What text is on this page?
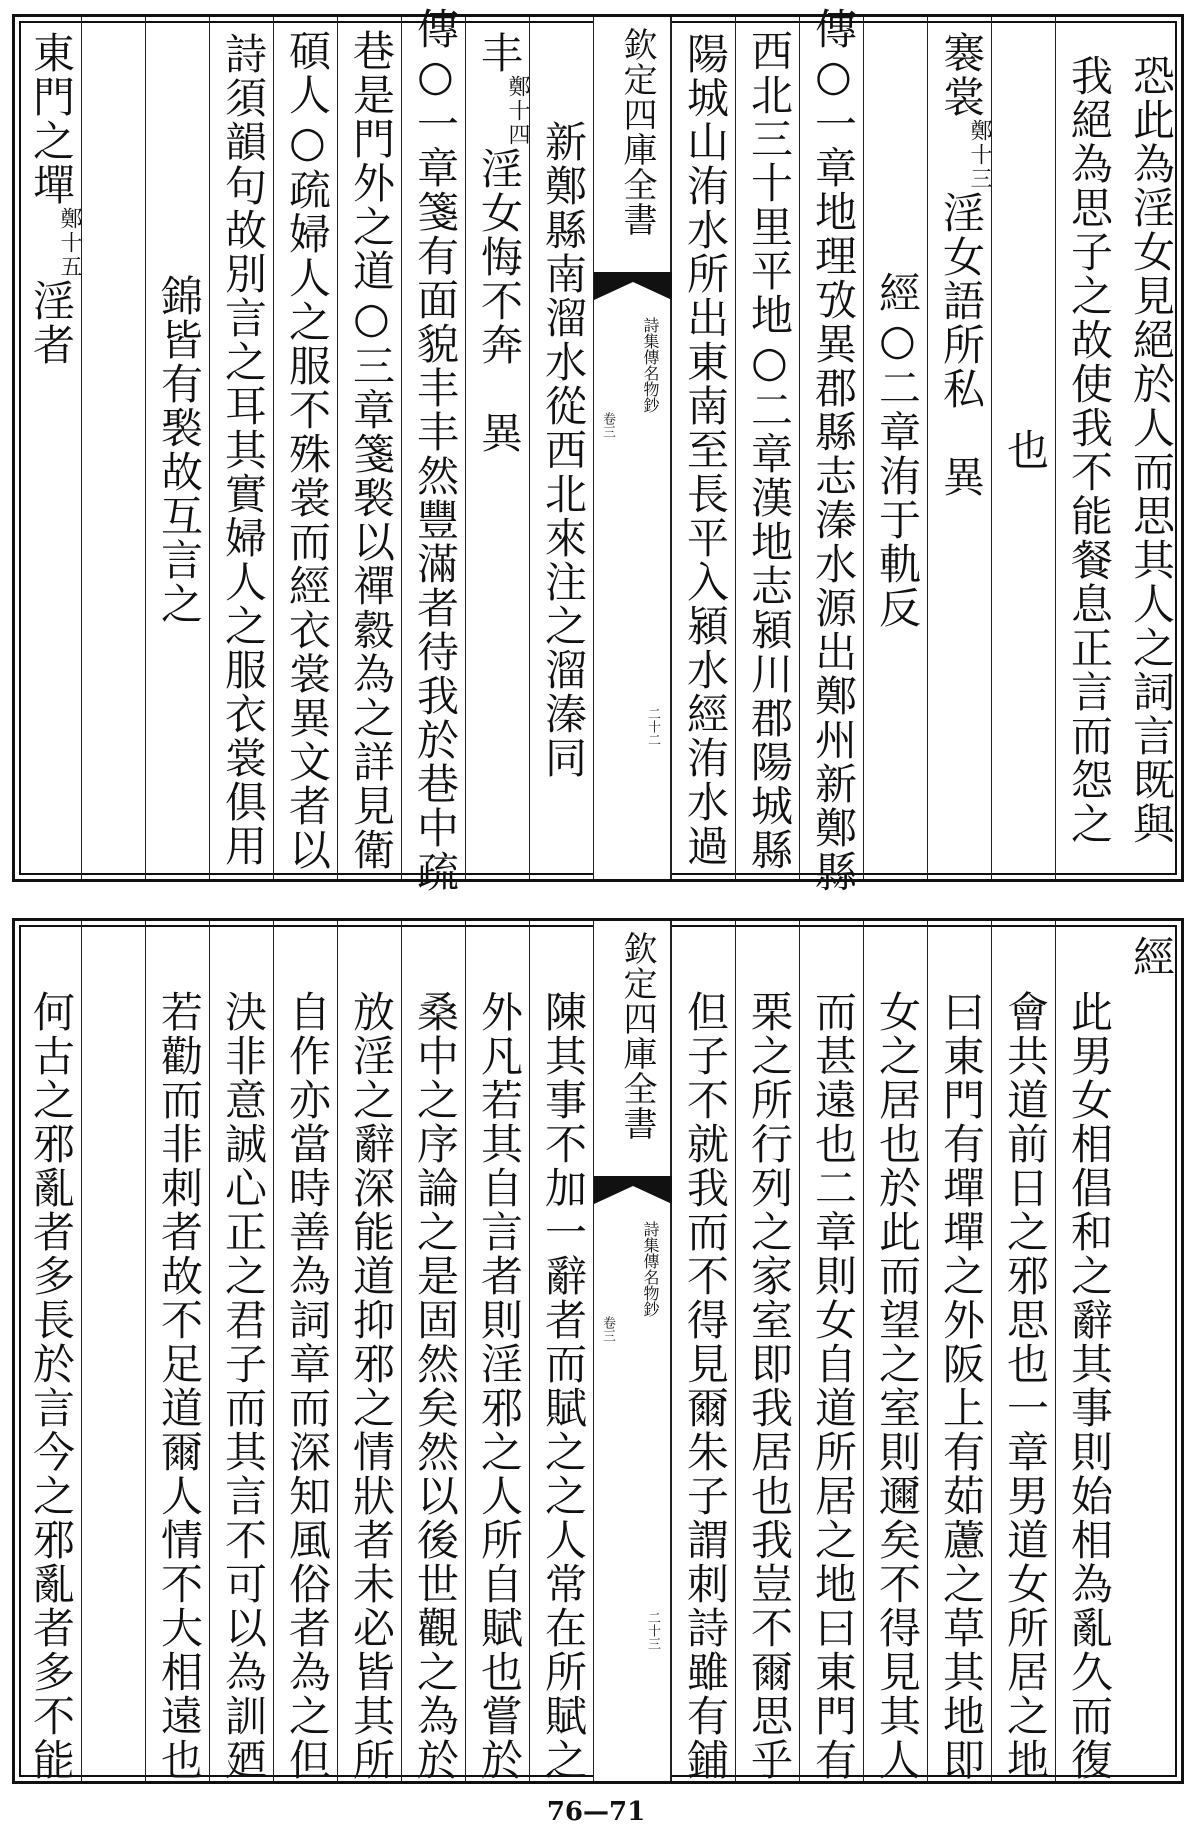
恐此為淫女見絕於人而思其人之詞言既與
我絕為思子之故使我不能餐息正言而怨之
也
褰裳
鄭十三
淫女語所私　異
經○二章洧于軌反
傳○一章地理攷異郡縣志溱水源出鄭州新鄭縣
西北三十里平地○二章漢地志潁川郡陽城縣
陽城山洧水所出東南至長平入潁水經洧水過
欽定四庫全書
詩集傳名物鈔
卷三
二十二
新鄭縣南溜水從西北來注之溜溱同
丰
鄭十四
淫女悔不奔　異
傳○一章箋有面貌丰丰然豐滿者待我於巷中疏
巷是門外之道○三章箋褧以禪縠為之詳見衛
碩人○疏婦人之服不殊裳而經衣裳異文者以
詩須韻句故別言之耳其實婦人之服衣裳俱用
錦皆有褧故互言之
東門之墠
鄭十五
淫者
經
此男女相倡和之辭其事則始相為亂久而復
會共道前日之邪思也一章男道女所居之地
曰東門有墠墠之外阪上有茹藘之草其地即
女之居也於此而望之室則邇矣不得見其人
而甚遠也二章則女自道所居之地曰東門有
栗之所行列之家室即我居也我豈不爾思乎
但子不就我而不得見爾朱子謂刺詩雖有鋪
欽定四庫全書
詩集傳名物鈔
卷三
二十三
陳其事不加一辭者而賦之之人常在所賦之
外凡若其自言者則淫邪之人所自賦也嘗於
桑中之序論之是固然矣然以後世觀之為於
放淫之辭深能道抑邪之情狀者未必皆其所
自作亦當時善為詞章而深知風俗者為之但
決非意誠心正之君子而其言不可以為訓廼
若勸而非刺者故不足道爾人情不大相遠也
何古之邪亂者多長於言今之邪亂者多不能
76—71
